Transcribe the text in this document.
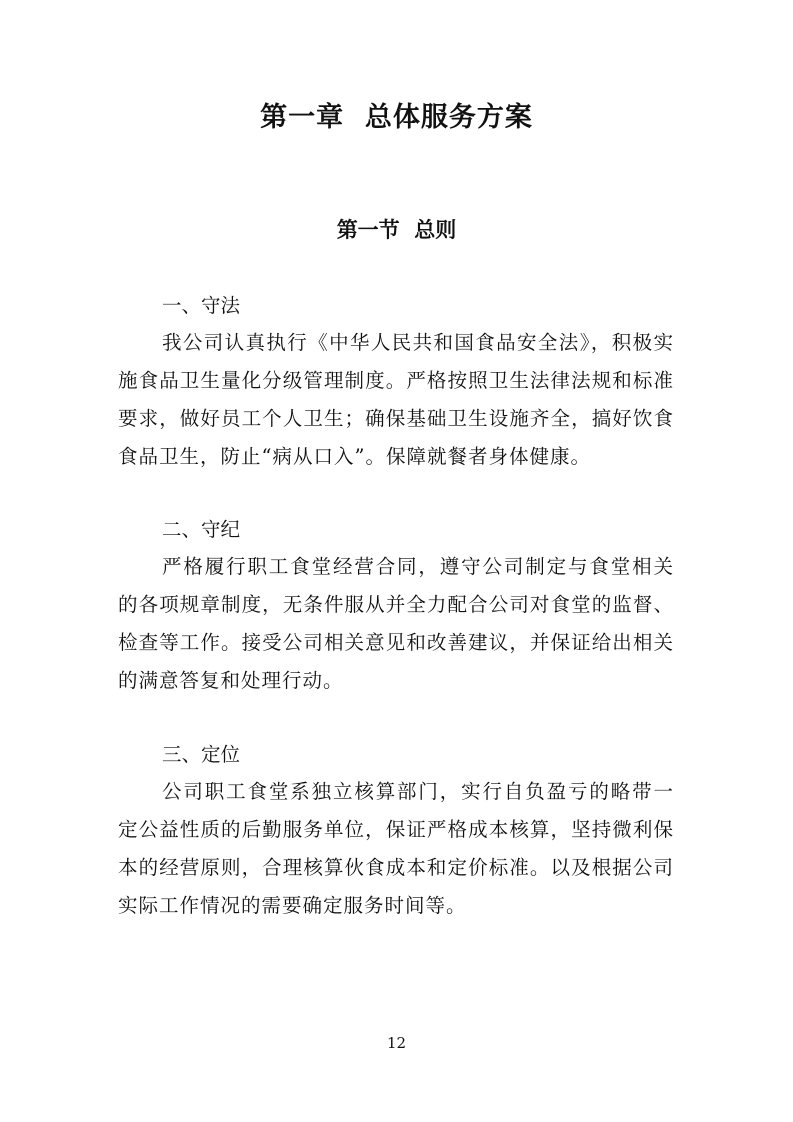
第一章  总体服务方案
第一节  总则

一、守法

我公司认真执行《中华人民共和国食品安全法》，积极实施食品卫生量化分级管理制度。严格按照卫生法律法规和标准要求，做好员工个人卫生；确保基础卫生设施齐全，搞好饮食食品卫生，防止“病从口入”。保障就餐者身体健康。

二、守纪

严格履行职工食堂经营合同，遵守公司制定与食堂相关的各项规章制度，无条件服从并全力配合公司对食堂的监督、检查等工作。接受公司相关意见和改善建议，并保证给出相关的满意答复和处理行动。

三、定位

公司职工食堂系独立核算部门，实行自负盈亏的略带一定公益性质的后勤服务单位，保证严格成本核算，坚持微利保本的经营原则，合理核算伙食成本和定价标准。以及根据公司实际工作情况的需要确定服务时间等。

12
